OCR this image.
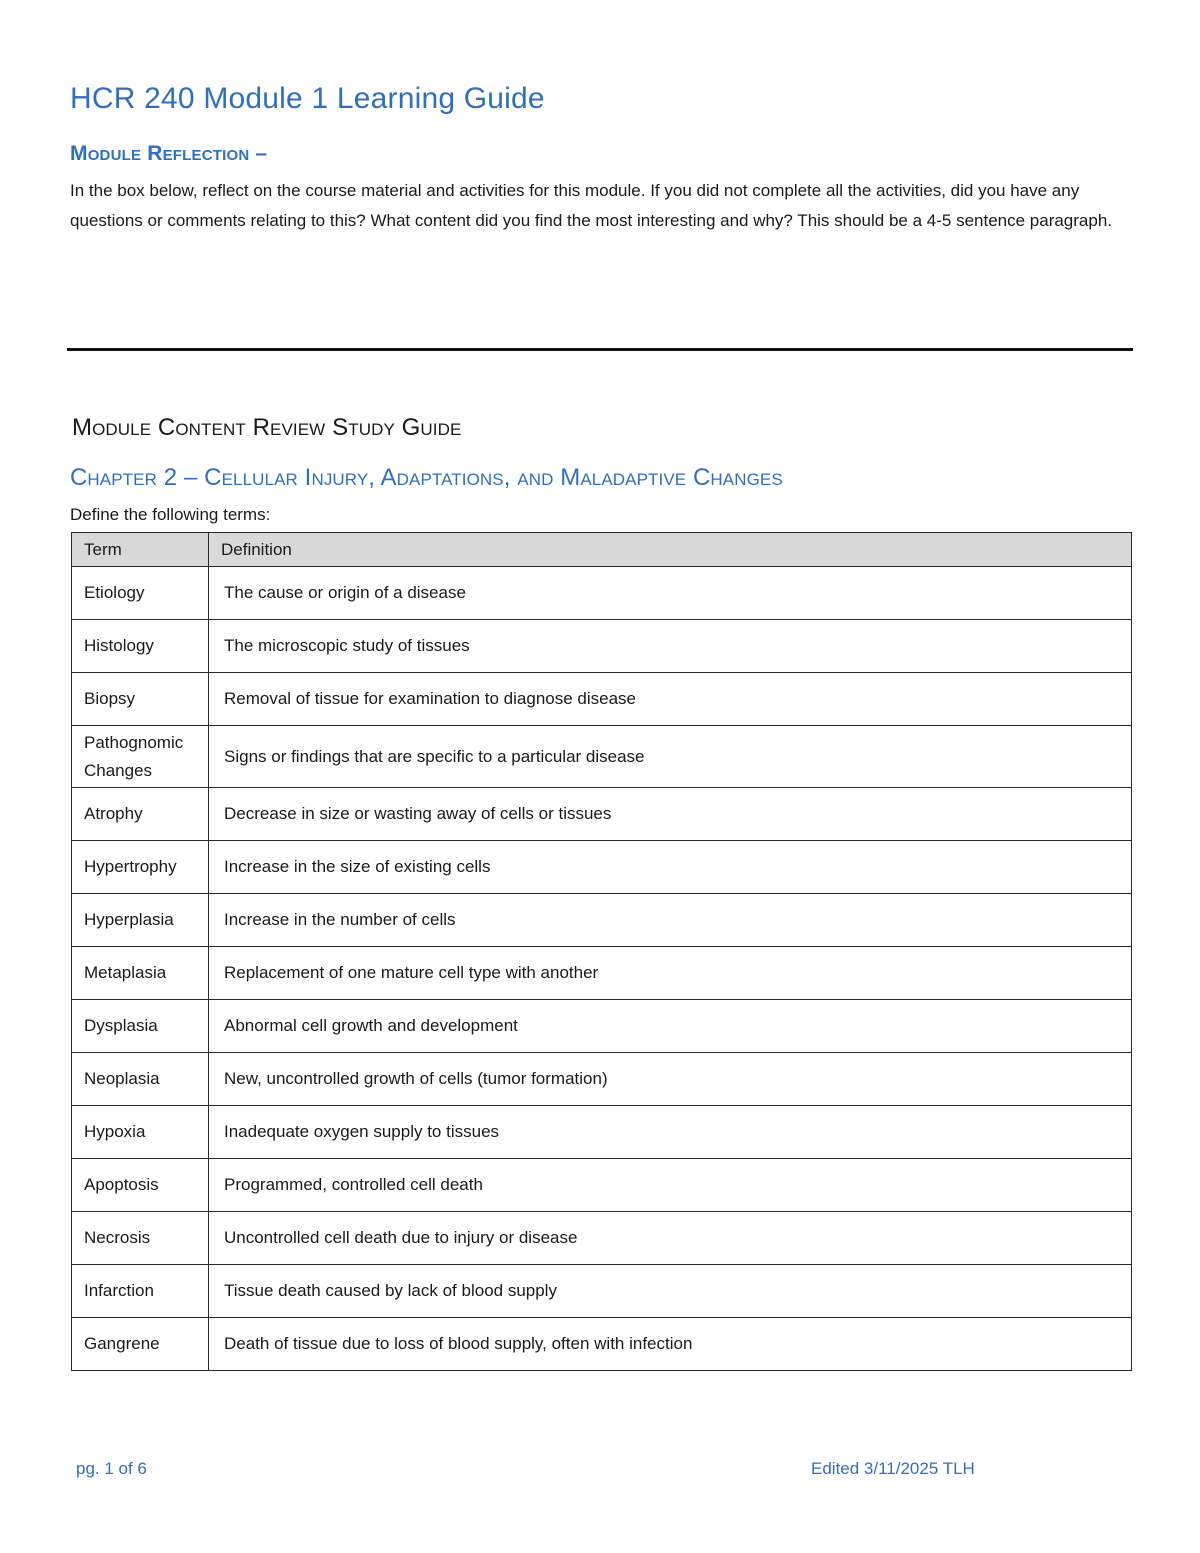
HCR 240 Module 1 Learning Guide
Module Reflection –

In the box below, reflect on the course material and activities for this module. If you did not complete all the activities, did you have any questions or comments relating to this? What content did you find the most interesting and why? This should be a 4-5 sentence paragraph.

Module Content Review Study Guide
Chapter 2 – Cellular Injury, Adaptations, and Maladaptive Changes

Define the following terms:

Term	Definition
Etiology	The cause or origin of a disease
Histology	The microscopic study of tissues
Biopsy	Removal of tissue for examination to diagnose disease
Pathognomic Changes	Signs or findings that are specific to a particular disease
Atrophy	Decrease in size or wasting away of cells or tissues
Hypertrophy	Increase in the size of existing cells
Hyperplasia	Increase in the number of cells
Metaplasia	Replacement of one mature cell type with another
Dysplasia	Abnormal cell growth and development
Neoplasia	New, uncontrolled growth of cells (tumor formation)
Hypoxia	Inadequate oxygen supply to tissues
Apoptosis	Programmed, controlled cell death
Necrosis	Uncontrolled cell death due to injury or disease
Infarction	Tissue death caused by lack of blood supply
Gangrene	Death of tissue due to loss of blood supply, often with infection
pg. 1 of 6	Edited 3/11/2025 TLH
